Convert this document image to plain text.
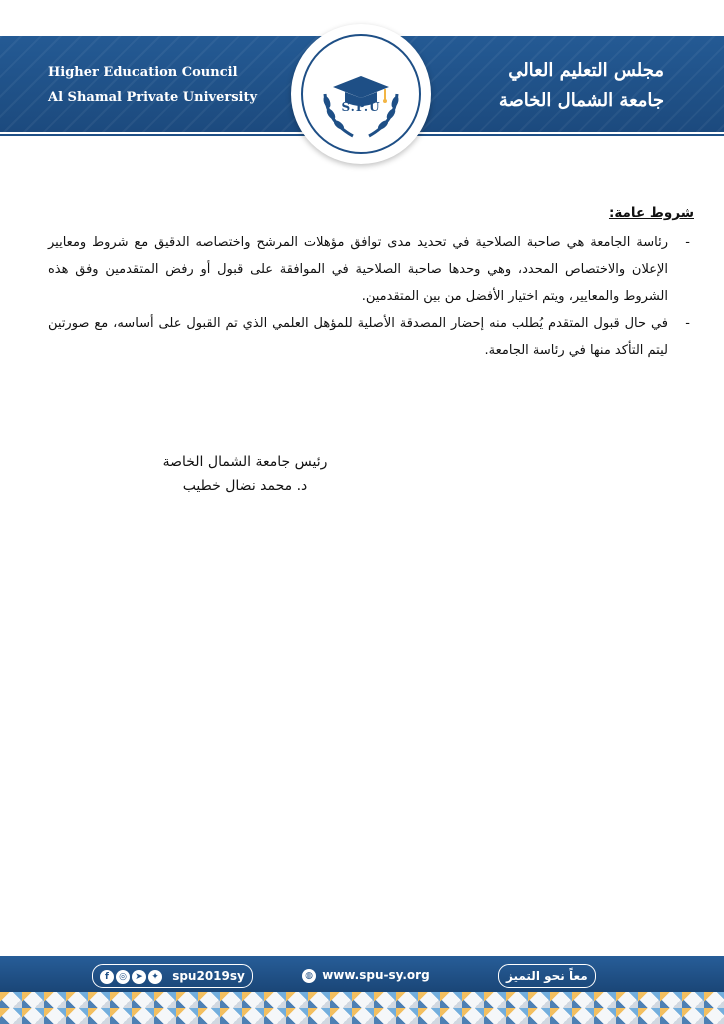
Higher Education Council
Al Shamal Private University
مجلس التعليم العالي
جامعة الشمال الخاصة
S.P.U
شروط عامة:
-
رئاسة الجامعة هي صاحبة الصلاحية في تحديد مدى توافق مؤهلات المرشح واختصاصه الدقيق مع شروط ومعايير الإعلان والاختصاص المحدد، وهي وحدها صاحبة الصلاحية في الموافقة على قبول أو رفض المتقدمين وفق هذه الشروط والمعايير، ويتم اختيار الأفضل من بين المتقدمين.
-
في حال قبول المتقدم يُطلب منه إحضار المصدقة الأصلية للمؤهل العلمي الذي تم القبول على أساسه، مع صورتين ليتم التأكد منها في رئاسة الجامعة.
رئيس جامعة الشمال الخاصة
د. محمد نضال خطيب
f ◎ ➤ ✦ spu2019sy	◍ www.spu-sy.org	معاً نحو التميز
